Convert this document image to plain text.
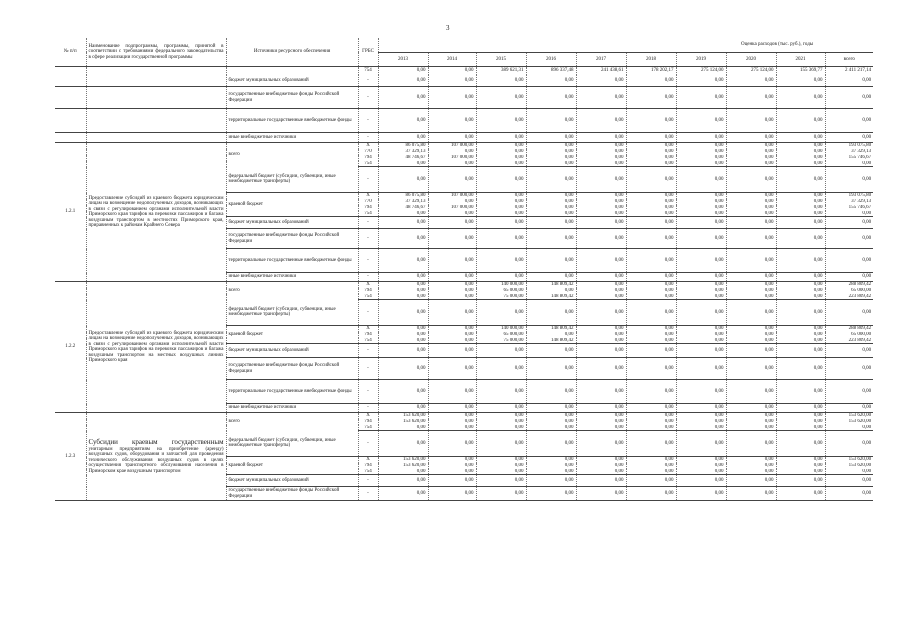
3
№ п/п	Наименование подпрограммы, программы, принятой в соответствии с требованиями федерального законодательства в сфере реализации государственной программы	Источники ресурсного обеспечения	ГРБС	Оценка расходов (тыс. руб.), годы									
				2013	2014	2015	2016	2017	2018	2019	2020	2021	всего
			754	0,00	0,00	389 621,31	896 337,48	241 438,61	178 202,17	275 124,00	275 124,00	155 369,77	2 411 217,14
		бюджет муниципальных образований	-	0,00	0,00	0,00	0,00	0,00	0,00	0,00	0,00	0,00	0,00
		государственные внебюджетные фонды Российской Федерации	-	0,00	0,00	0,00	0,00	0,00	0,00	0,00	0,00	0,00	0,00
		территориальные государственные внебюджетные фонды	-	0,00	0,00	0,00	0,00	0,00	0,00	0,00	0,00	0,00	0,00
		иные внебюджетные источники	-	0,00	0,00	0,00	0,00	0,00	0,00	0,00	0,00	0,00	0,00
1.2.1	Предоставление субсидий из краевого бюджета юридическим лицам на возмещение недополученных доходов, возникающих в связи с регулированием органами исполнительной власти Приморского края тарифов на перевозки пассажиров и багажа воздушным транспортом в местностях Приморского края, приравненных к районам Крайнего Севера	всего	X	86 075,80	107 000,00	0,00	0,00	0,00	0,00	0,00	0,00	0,00	193 075,80
			770	37 329,13	0,00	0,00	0,00	0,00	0,00	0,00	0,00	0,00	37 329,13
			794	48 746,67	107 000,00	0,00	0,00	0,00	0,00	0,00	0,00	0,00	155 746,67
			754	0,00	0,00	0,00	0,00	0,00	0,00	0,00	0,00	0,00	0,00
		федеральный бюджет (субсидии, субвенции, иные межбюджетные трансферты)	-	0,00	0,00	0,00	0,00	0,00	0,00	0,00	0,00	0,00	0,00
		краевой бюджет	X	86 075,80	107 000,00	0,00	0,00	0,00	0,00	0,00	0,00	0,00	193 075,80
			770	37 329,13	0,00	0,00	0,00	0,00	0,00	0,00	0,00	0,00	37 329,13
			794	48 746,67	107 000,00	0,00	0,00	0,00	0,00	0,00	0,00	0,00	155 746,67
			754	0,00	0,00	0,00	0,00	0,00	0,00	0,00	0,00	0,00	0,00
		бюджет муниципальных образований	-	0,00	0,00	0,00	0,00	0,00	0,00	0,00	0,00	0,00	0,00
		государственные внебюджетные фонды Российской Федерации	-	0,00	0,00	0,00	0,00	0,00	0,00	0,00	0,00	0,00	0,00
		территориальные государственные внебюджетные фонды	-	0,00	0,00	0,00	0,00	0,00	0,00	0,00	0,00	0,00	0,00
		иные внебюджетные источники	-	0,00	0,00	0,00	0,00	0,00	0,00	0,00	0,00	0,00	0,00
1.2.2	Предоставление субсидий из краевого бюджета юридическим лицам на возмещение недополученных доходов, возникающих в связи с регулированием органами исполнительной власти Приморского края тарифов на перевозки пассажиров и багажа воздушным транспортом на местных воздушных линиях Приморского края	всего	X	0,00	0,00	140 000,00	148 809,42	0,00	0,00	0,00	0,00	0,00	288 809,42
			794	0,00	0,00	65 000,00	0,00	0,00	0,00	0,00	0,00	0,00	65 000,00
			754	0,00	0,00	75 000,00	148 809,42	0,00	0,00	0,00	0,00	0,00	223 809,42
		федеральный бюджет (субсидии, субвенции, иные межбюджетные трансферты)	-	0,00	0,00	0,00	0,00	0,00	0,00	0,00	0,00	0,00	0,00
		краевой бюджет	X	0,00	0,00	140 000,00	148 809,42	0,00	0,00	0,00	0,00	0,00	288 809,42
			794	0,00	0,00	65 000,00	0,00	0,00	0,00	0,00	0,00	0,00	65 000,00
			754	0,00	0,00	75 000,00	148 809,42	0,00	0,00	0,00	0,00	0,00	223 809,42
		бюджет муниципальных образований	-	0,00	0,00	0,00	0,00	0,00	0,00	0,00	0,00	0,00	0,00
		государственные внебюджетные фонды Российской Федерации	-	0,00	0,00	0,00	0,00	0,00	0,00	0,00	0,00	0,00	0,00
		территориальные государственные внебюджетные фонды	-	0,00	0,00	0,00	0,00	0,00	0,00	0,00	0,00	0,00	0,00
		иные внебюджетные источники	-	0,00	0,00	0,00	0,00	0,00	0,00	0,00	0,00	0,00	0,00
1.2.3	Субсидии краевым государственным
унитарным предприятиям на приобретение (аренду) воздушных судов, оборудования и запчастей для проведения технического обслуживания воздушных судов в целях осуществления транспортного обслуживания населения в Приморском крае воздушным транспортом	всего	X	153 620,00	0,00	0,00	0,00	0,00	0,00	0,00	0,00	0,00	153 620,00
			794	153 620,00	0,00	0,00	0,00	0,00	0,00	0,00	0,00	0,00	153 620,00
			754	0,00	0,00	0,00	0,00	0,00	0,00	0,00	0,00	0,00	0,00
		федеральный бюджет (субсидии, субвенции, иные межбюджетные трансферты)	-	0,00	0,00	0,00	0,00	0,00	0,00	0,00	0,00	0,00	0,00
		краевой бюджет	X	153 620,00	0,00	0,00	0,00	0,00	0,00	0,00	0,00	0,00	153 620,00
			794	153 620,00	0,00	0,00	0,00	0,00	0,00	0,00	0,00	0,00	153 620,00
			754	0,00	0,00	0,00	0,00	0,00	0,00	0,00	0,00	0,00	0,00
		бюджет муниципальных образований	-	0,00	0,00	0,00	0,00	0,00	0,00	0,00	0,00	0,00	0,00
		государственные внебюджетные фонды Российской Федерации	-	0,00	0,00	0,00	0,00	0,00	0,00	0,00	0,00	0,00	0,00
